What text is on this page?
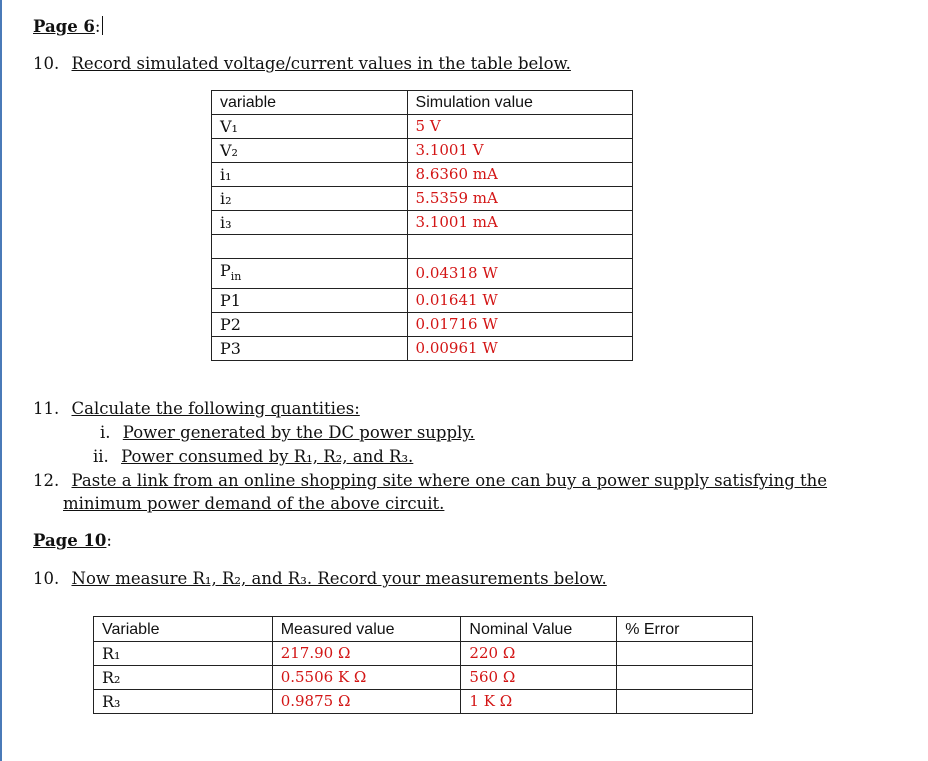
Page 6:
10. Record simulated voltage/current values in the table below.
variable	Simulation value
V₁	5 V
V₂	3.1001 V
i₁	8.6360 mA
i₂	5.5359 mA
i₃	3.1001 mA

$P_{in}$	0.04318 W
P1	0.01641 W
P2	0.01716 W
P3	0.00961 W
11. Calculate the following quantities:
i. Power generated by the DC power supply.
ii. Power consumed by R₁, R₂, and R₃.
12. Paste a link from an online shopping site where one can buy a power supply satisfying the
minimum power demand of the above circuit.
Page 10:
10. Now measure R₁, R₂, and R₃. Record your measurements below.
Variable	Measured value	Nominal Value	% Error
R₁	217.90 Ω	220 Ω	
R₂	0.5506 K Ω	560 Ω	
R₃	0.9875 Ω	1 K Ω	
